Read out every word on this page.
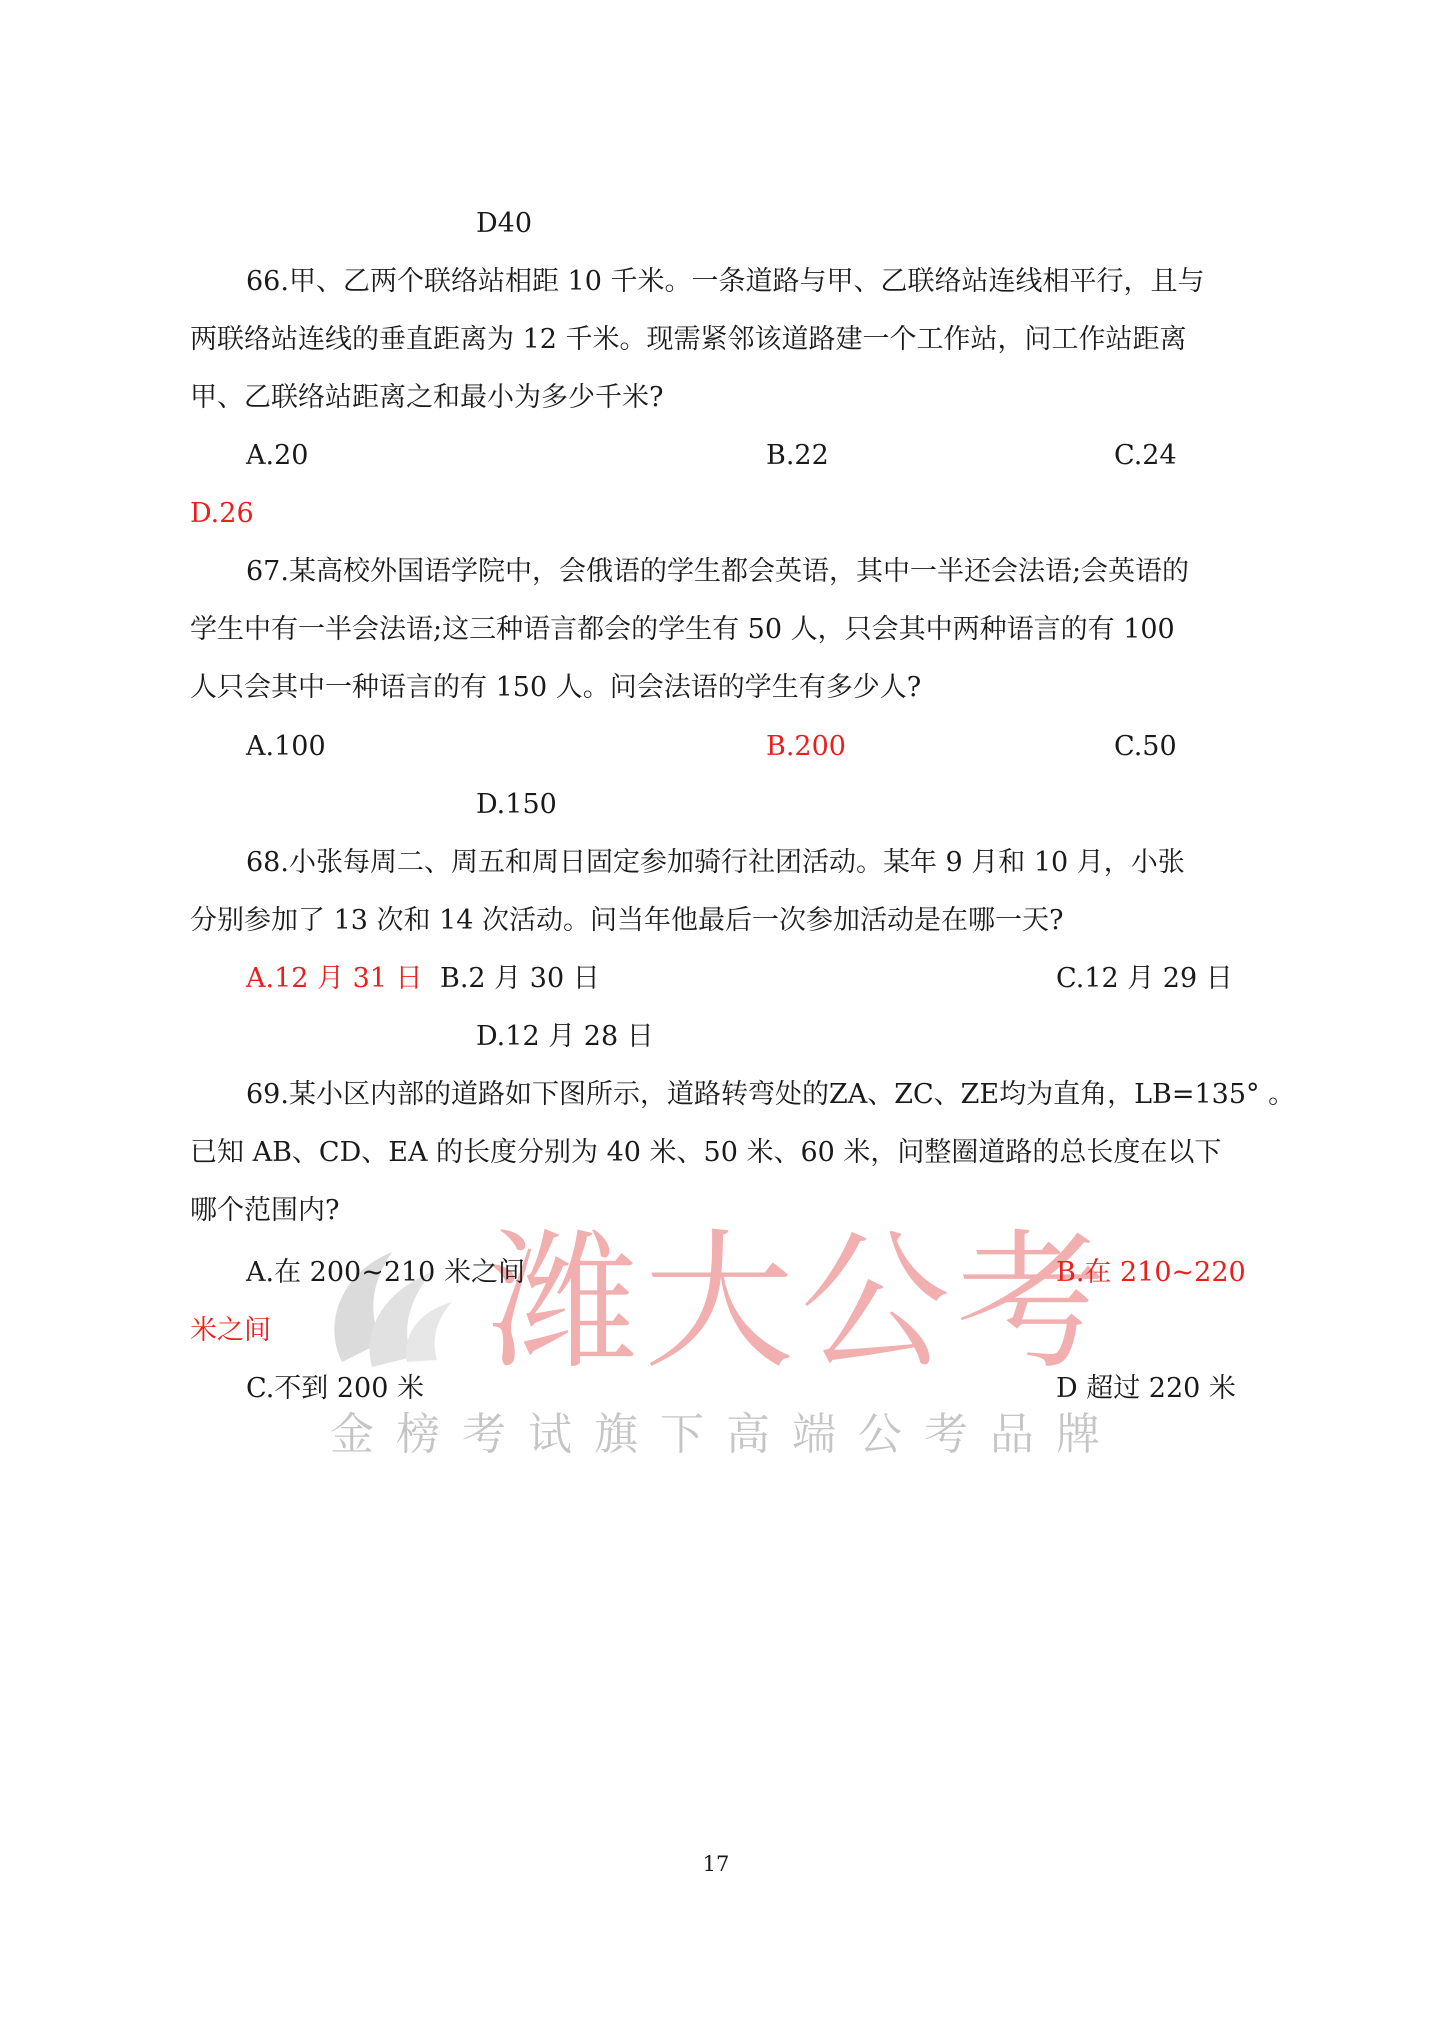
D40
66.甲、乙两个联络站相距 10 千米。一条道路与甲、乙联络站连线相平行，且与
两联络站连线的垂直距离为 12 千米。现需紧邻该道路建一个工作站，问工作站距离
甲、乙联络站距离之和最小为多少千米?
A.20	B.22	C.24
D.26
67.某高校外国语学院中，会俄语的学生都会英语，其中一半还会法语;会英语的
学生中有一半会法语;这三种语言都会的学生有 50 人，只会其中两种语言的有 100
人只会其中一种语言的有 150 人。问会法语的学生有多少人?
A.100	B.200	C.50
D.150
68.小张每周二、周五和周日固定参加骑行社团活动。某年 9 月和 10 月，小张
分别参加了 13 次和 14 次活动。问当年他最后一次参加活动是在哪一天?
A.12 月 31 日 B.2 月 30 日	C.12 月 29 日
D.12 月 28 日
69.某小区内部的道路如下图所示，道路转弯处的ZA、ZC、ZE均为直角，LB=135° 。
已知 AB、CD、EA 的长度分别为 40 米、50 米、60 米，问整圈道路的总长度在以下
哪个范围内?
潍大公考
金榜考试旗下高端公考品牌
A.在 200~210 米之间	B.在 210~220
米之间
C.不到 200 米	D 超过 220 米
17
